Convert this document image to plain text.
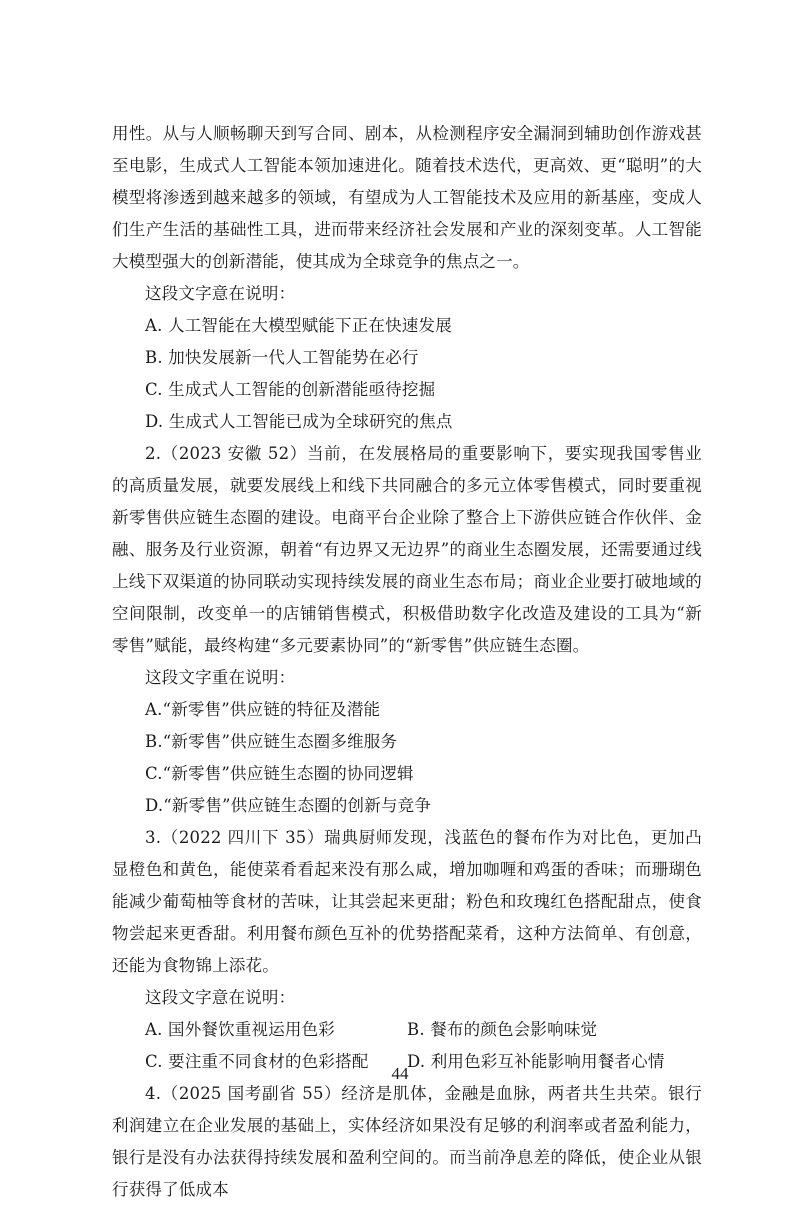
用性。从与人顺畅聊天到写合同、剧本，从检测程序安全漏洞到辅助创作游戏甚至电影，生成式人工智能本领加速进化。随着技术迭代，更高效、更“聪明”的大模型将渗透到越来越多的领域，有望成为人工智能技术及应用的新基座，变成人们生产生活的基础性工具，进而带来经济社会发展和产业的深刻变革。人工智能大模型强大的创新潜能，使其成为全球竞争的焦点之一。

这段文字意在说明：

A. 人工智能在大模型赋能下正在快速发展

B. 加快发展新一代人工智能势在必行

C. 生成式人工智能的创新潜能亟待挖掘

D. 生成式人工智能已成为全球研究的焦点

2.（2023 安徽 52）当前，在发展格局的重要影响下，要实现我国零售业的高质量发展，就要发展线上和线下共同融合的多元立体零售模式，同时要重视新零售供应链生态圈的建设。电商平台企业除了整合上下游供应链合作伙伴、金融、服务及行业资源，朝着“有边界又无边界”的商业生态圈发展，还需要通过线上线下双渠道的协同联动实现持续发展的商业生态布局；商业企业要打破地域的空间限制，改变单一的店铺销售模式，积极借助数字化改造及建设的工具为“新零售”赋能，最终构建“多元要素协同”的“新零售”供应链生态圈。

这段文字重在说明：

A.“新零售”供应链的特征及潜能

B.“新零售”供应链生态圈多维服务

C.“新零售”供应链生态圈的协同逻辑

D.“新零售”供应链生态圈的创新与竞争

3.（2022 四川下 35）瑞典厨师发现，浅蓝色的餐布作为对比色，更加凸显橙色和黄色，能使菜肴看起来没有那么咸，增加咖喱和鸡蛋的香味；而珊瑚色能减少葡萄柚等食材的苦味，让其尝起来更甜；粉色和玫瑰红色搭配甜点，使食物尝起来更香甜。利用餐布颜色互补的优势搭配菜肴，这种方法简单、有创意，还能为食物锦上添花。

这段文字意在说明：

A. 国外餐饮重视运用色彩	B. 餐布的颜色会影响味觉
C. 要注重不同食材的色彩搭配	D. 利用色彩互补能影响用餐者心情

4.（2025 国考副省 55）经济是肌体，金融是血脉，两者共生共荣。银行利润建立在企业发展的基础上，实体经济如果没有足够的利润率或者盈利能力，银行是没有办法获得持续发展和盈利空间的。而当前净息差的降低，使企业从银行获得了低成本

44
